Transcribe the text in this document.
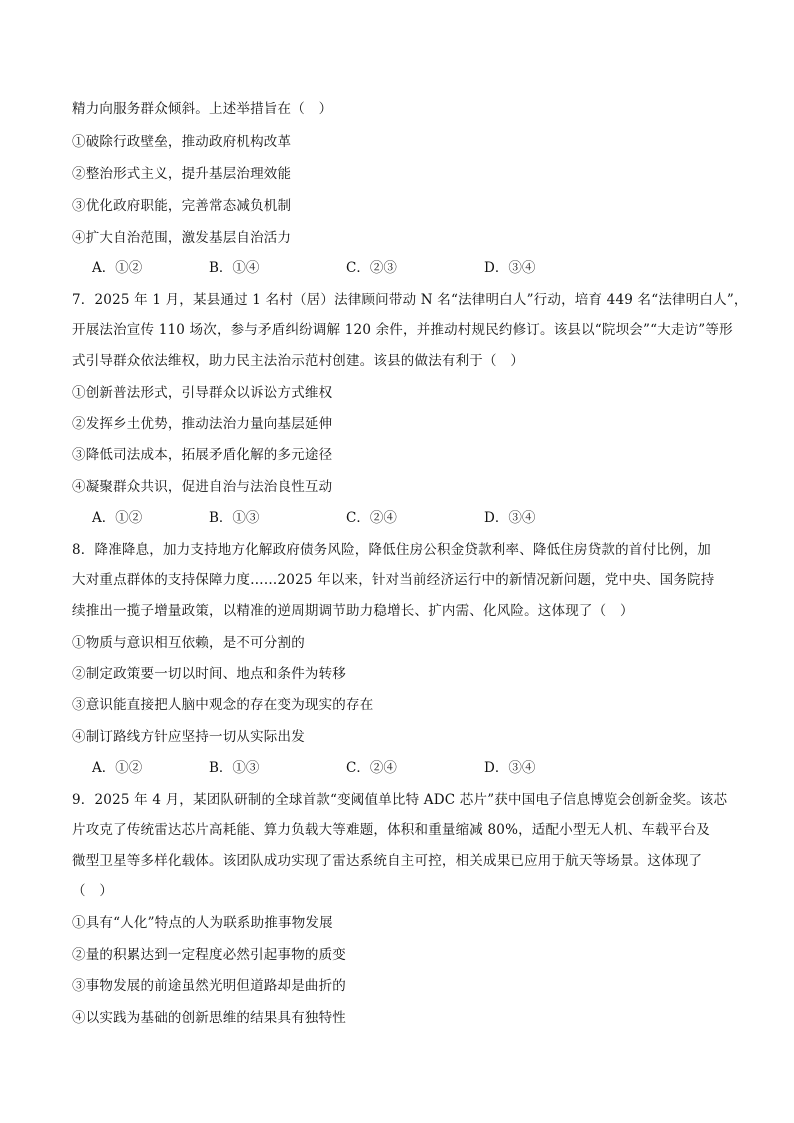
精力向服务群众倾斜。上述举措旨在（　）
①破除行政壁垒，推动政府机构改革
②整治形式主义，提升基层治理效能
③优化政府职能，完善常态减负机制
④扩大自治范围，激发基层自治活力
A．①②	B．①④	C．②③	D．③④
7．2025 年 1 月，某县通过 1 名村（居）法律顾问带动 N 名“法律明白人”行动，培育 449 名“法律明白人”，
开展法治宣传 110 场次，参与矛盾纠纷调解 120 余件，并推动村规民约修订。该县以“院坝会”“大走访”等形
式引导群众依法维权，助力民主法治示范村创建。该县的做法有利于（　）
①创新普法形式，引导群众以诉讼方式维权
②发挥乡土优势，推动法治力量向基层延伸
③降低司法成本，拓展矛盾化解的多元途径
④凝聚群众共识，促进自治与法治良性互动
A．①②	B．①③	C．②④	D．③④
8．降准降息，加力支持地方化解政府债务风险，降低住房公积金贷款利率、降低住房贷款的首付比例，加
大对重点群体的支持保障力度……2025 年以来，针对当前经济运行中的新情况新问题，党中央、国务院持
续推出一揽子增量政策，以精准的逆周期调节助力稳增长、扩内需、化风险。这体现了（　）
①物质与意识相互依赖，是不可分割的
②制定政策要一切以时间、地点和条件为转移
③意识能直接把人脑中观念的存在变为现实的存在
④制订路线方针应坚持一切从实际出发
A．①②	B．①③	C．②④	D．③④
9．2025 年 4 月，某团队研制的全球首款“变阈值单比特 ADC 芯片”获中国电子信息博览会创新金奖。该芯
片攻克了传统雷达芯片高耗能、算力负载大等难题，体积和重量缩减 80%，适配小型无人机、车载平台及
微型卫星等多样化载体。该团队成功实现了雷达系统自主可控，相关成果已应用于航天等场景。这体现了
（　）
①具有“人化”特点的人为联系助推事物发展
②量的积累达到一定程度必然引起事物的质变
③事物发展的前途虽然光明但道路却是曲折的
④以实践为基础的创新思维的结果具有独特性
